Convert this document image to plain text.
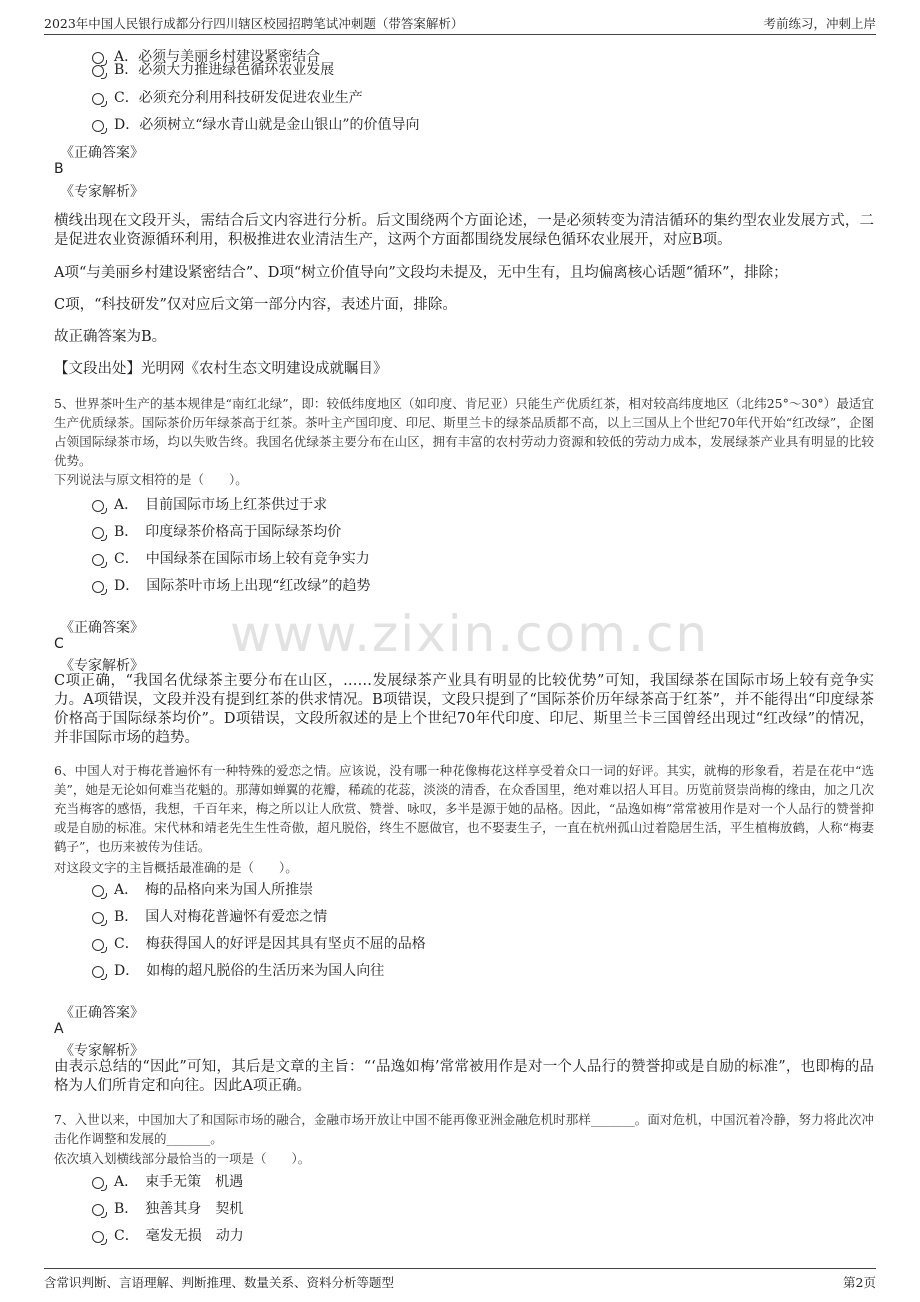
2023年中国人民银行成都分行四川辖区校园招聘笔试冲刺题（带答案解析）	考前练习，冲刺上岸
www.zixin.com.cn
A．必须与美丽乡村建设紧密结合
B．必须大力推进绿色循环农业发展
C．必须充分利用科技研发促进农业生产
D．必须树立“绿水青山就是金山银山”的价值导向
《正确答案》
B
《专家解析》
横线出现在文段开头，需结合后文内容进行分析。后文围绕两个方面论述，一是必须转变为清洁循环的集约型农业发展方式，二是促进农业资源循环利用，积极推进农业清洁生产，这两个方面都围绕发展绿色循环农业展开，对应B项。
A项“与美丽乡村建设紧密结合”、D项“树立价值导向”文段均未提及，无中生有，且均偏离核心话题“循环”，排除；
C项，“科技研发”仅对应后文第一部分内容，表述片面，排除。
故正确答案为B。
【文段出处】光明网《农村生态文明建设成就瞩目》
5、世界茶叶生产的基本规律是“南红北绿”，即：较低纬度地区（如印度、肯尼亚）只能生产优质红茶，相对较高纬度地区（北纬25°～30°）最适宜生产优质绿茶。国际茶价历年绿茶高于红茶。茶叶主产国印度、印尼、斯里兰卡的绿茶品质都不高，以上三国从上个世纪70年代开始“红改绿”，企图占领国际绿茶市场，均以失败告终。我国名优绿茶主要分布在山区，拥有丰富的农村劳动力资源和较低的劳动力成本，发展绿茶产业具有明显的比较优势。
下列说法与原文相符的是（　　）。
A．　目前国际市场上红茶供过于求
B．　印度绿茶价格高于国际绿茶均价
C．　中国绿茶在国际市场上较有竞争实力
D．　国际茶叶市场上出现“红改绿”的趋势
《正确答案》
C
《专家解析》
C项正确，“我国名优绿茶主要分布在山区，……发展绿茶产业具有明显的比较优势”可知，我国绿茶在国际市场上较有竞争实力。A项错误，文段并没有提到红茶的供求情况。B项错误，文段只提到了“国际茶价历年绿茶高于红茶”，并不能得出“印度绿茶价格高于国际绿茶均价”。D项错误，文段所叙述的是上个世纪70年代印度、印尼、斯里兰卡三国曾经出现过“红改绿”的情况，并非国际市场的趋势。
6、中国人对于梅花普遍怀有一种特殊的爱恋之情。应该说，没有哪一种花像梅花这样享受着众口一词的好评。其实，就梅的形象看，若是在花中“选美”，她是无论如何难当花魁的。那薄如蝉翼的花瓣，稀疏的花蕊，淡淡的清香，在众香国里，绝对难以招人耳目。历览前贤崇尚梅的缘由，加之几次充当梅客的感悟，我想，千百年来，梅之所以让人欣赏、赞誉、咏叹，多半是源于她的品格。因此，“品逸如梅”常常被用作是对一个人品行的赞誉抑或是自励的标准。宋代林和靖老先生生性奇傲，超凡脱俗，终生不愿做官，也不娶妻生子，一直在杭州孤山过着隐居生活，平生植梅放鹤，人称“梅妻鹤子”，也历来被传为佳话。
对这段文字的主旨概括最准确的是（　　）。
A．　梅的品格向来为国人所推崇
B．　国人对梅花普遍怀有爱恋之情
C．　梅获得国人的好评是因其具有坚贞不屈的品格
D．　如梅的超凡脱俗的生活历来为国人向往
《正确答案》
A
《专家解析》
由表示总结的“因此”可知，其后是文章的主旨：“‘品逸如梅’常常被用作是对一个人品行的赞誉抑或是自励的标准”，也即梅的品格为人们所肯定和向往。因此A项正确。
7、入世以来，中国加大了和国际市场的融合，金融市场开放让中国不能再像亚洲金融危机时那样_______。面对危机，中国沉着冷静，努力将此次冲击化作调整和发展的_______。
依次填入划横线部分最恰当的一项是（　　）。
A．　束手无策　机遇
B．　独善其身　契机
C．　毫发无损　动力
含常识判断、言语理解、判断推理、数量关系、资料分析等题型	第2页
